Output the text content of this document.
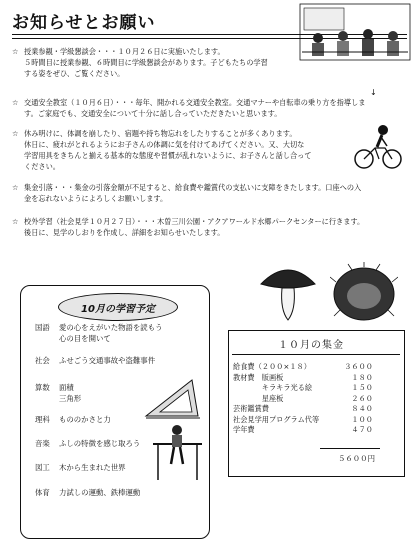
お知らせとお願い
☆ 授業参観・学級懇談会・・・１０月２６日に実施いたします。
５時間目に授業参観、６時間目に学級懇談会があります。子どもたちの学習
する姿をぜひ、ご覧ください。
↓
☆ 交通安全教室（１０月６日）・・・毎年、開かれる交通安全教室。交通マナーや自転車の乗り方を指導しま
す。ご家庭でも、交通安全について十分に話し合っていただきたいと思います。
☆ 休み明けに、体調を崩したり、宿題や持ち物忘れをしたりすることが多くあります。
休日に、疲れがとれるようにお子さんの体調に気を付けてあげてください。又、大切な
学習用具をきちんと揃える基本的な態度や習慣が乱れないように、お子さんと話し合って
ください。
☆ 集金引落・・・集金の引落金額が不足すると、給食費や鑑賞代の支払いに支障をきたします。口座への入
金を忘れないようによろしくお願いします。
☆ 校外学習（社会見学１０月２７日）・・・木曽三川公園・アクアワールド水郷パークセンターに行きます。
後日に、見学のしおりを作成し、詳細をお知らせいたします。
10月の学習予定
国語 愛の心をえがいた物語を読もう
心の目を開いて
社会 ふせごう交通事故や盗難事件
算数 面積
三角形
理科 もののかさと力
音楽 ふしの特徴を感じ取ろう
図工 木から生まれた世界
体育 力試しの運動、鉄棒運動
１０月の集金
給食費（２００×１８）	３６００
教材費　版画板	１８０
　　　　キラキラ光る絵	１５０
　　　　星座板	２６０
芸術鑑賞費	８４０
社会見学用プログラム代等	１００
学年費	４７０
５６００円
